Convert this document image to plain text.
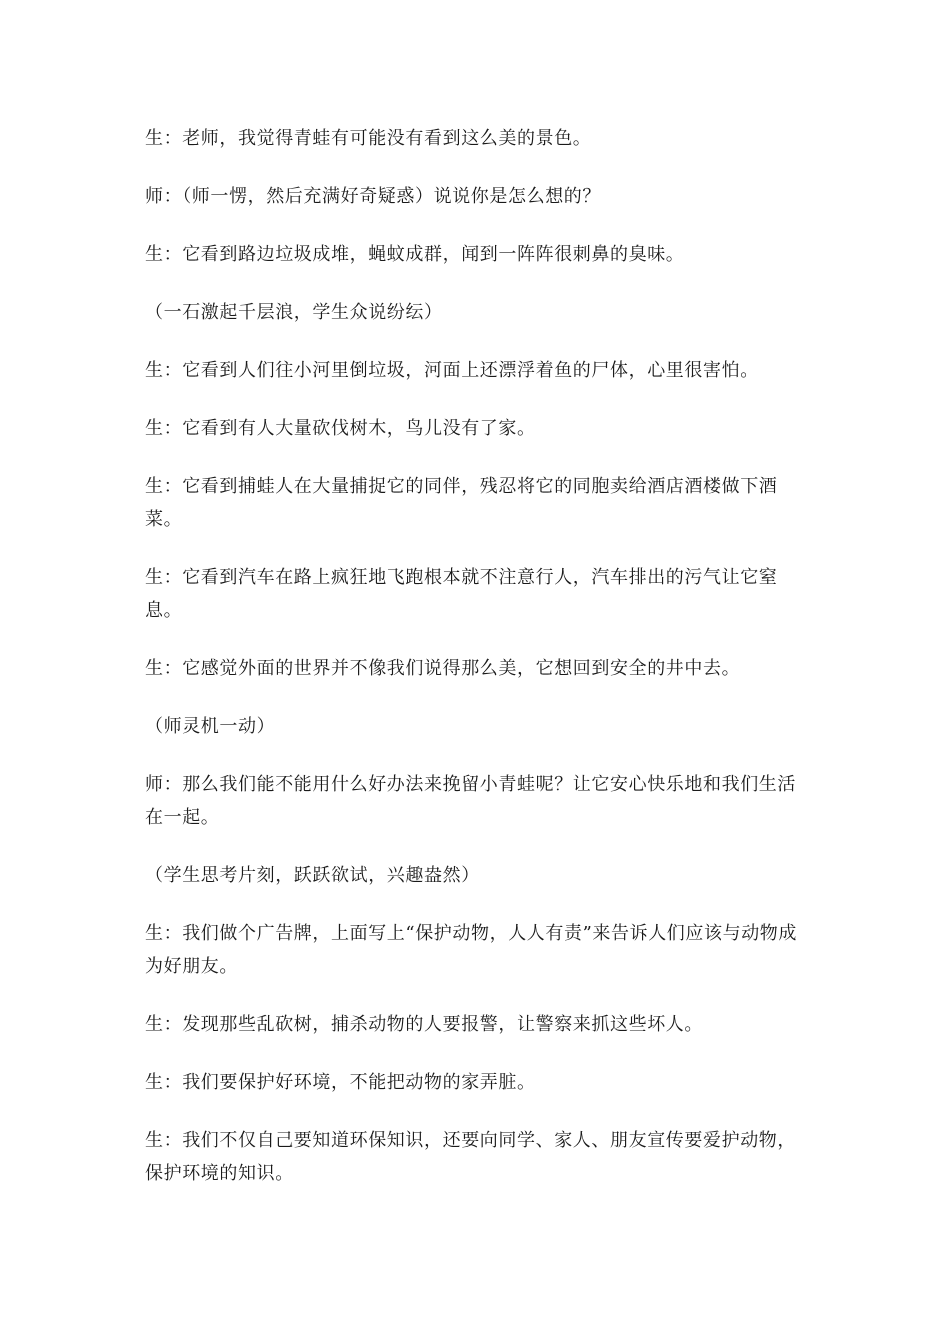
生：老师，我觉得青蛙有可能没有看到这么美的景色。

师：（师一愣，然后充满好奇疑惑）说说你是怎么想的？

生：它看到路边垃圾成堆，蝇蚊成群，闻到一阵阵很刺鼻的臭味。

（一石激起千层浪，学生众说纷纭）

生：它看到人们往小河里倒垃圾，河面上还漂浮着鱼的尸体，心里很害怕。

生：它看到有人大量砍伐树木，鸟儿没有了家。

生：它看到捕蛙人在大量捕捉它的同伴，残忍将它的同胞卖给酒店酒楼做下酒菜。

生：它看到汽车在路上疯狂地飞跑根本就不注意行人，汽车排出的污气让它窒息。

生：它感觉外面的世界并不像我们说得那么美，它想回到安全的井中去。

（师灵机一动）

师：那么我们能不能用什么好办法来挽留小青蛙呢？让它安心快乐地和我们生活在一起。

（学生思考片刻，跃跃欲试，兴趣盎然）

生：我们做个广告牌，上面写上“保护动物，人人有责”来告诉人们应该与动物成为好朋友。

生：发现那些乱砍树，捕杀动物的人要报警，让警察来抓这些坏人。

生：我们要保护好环境，不能把动物的家弄脏。

生：我们不仅自己要知道环保知识，还要向同学、家人、朋友宣传要爱护动物，保护环境的知识。
